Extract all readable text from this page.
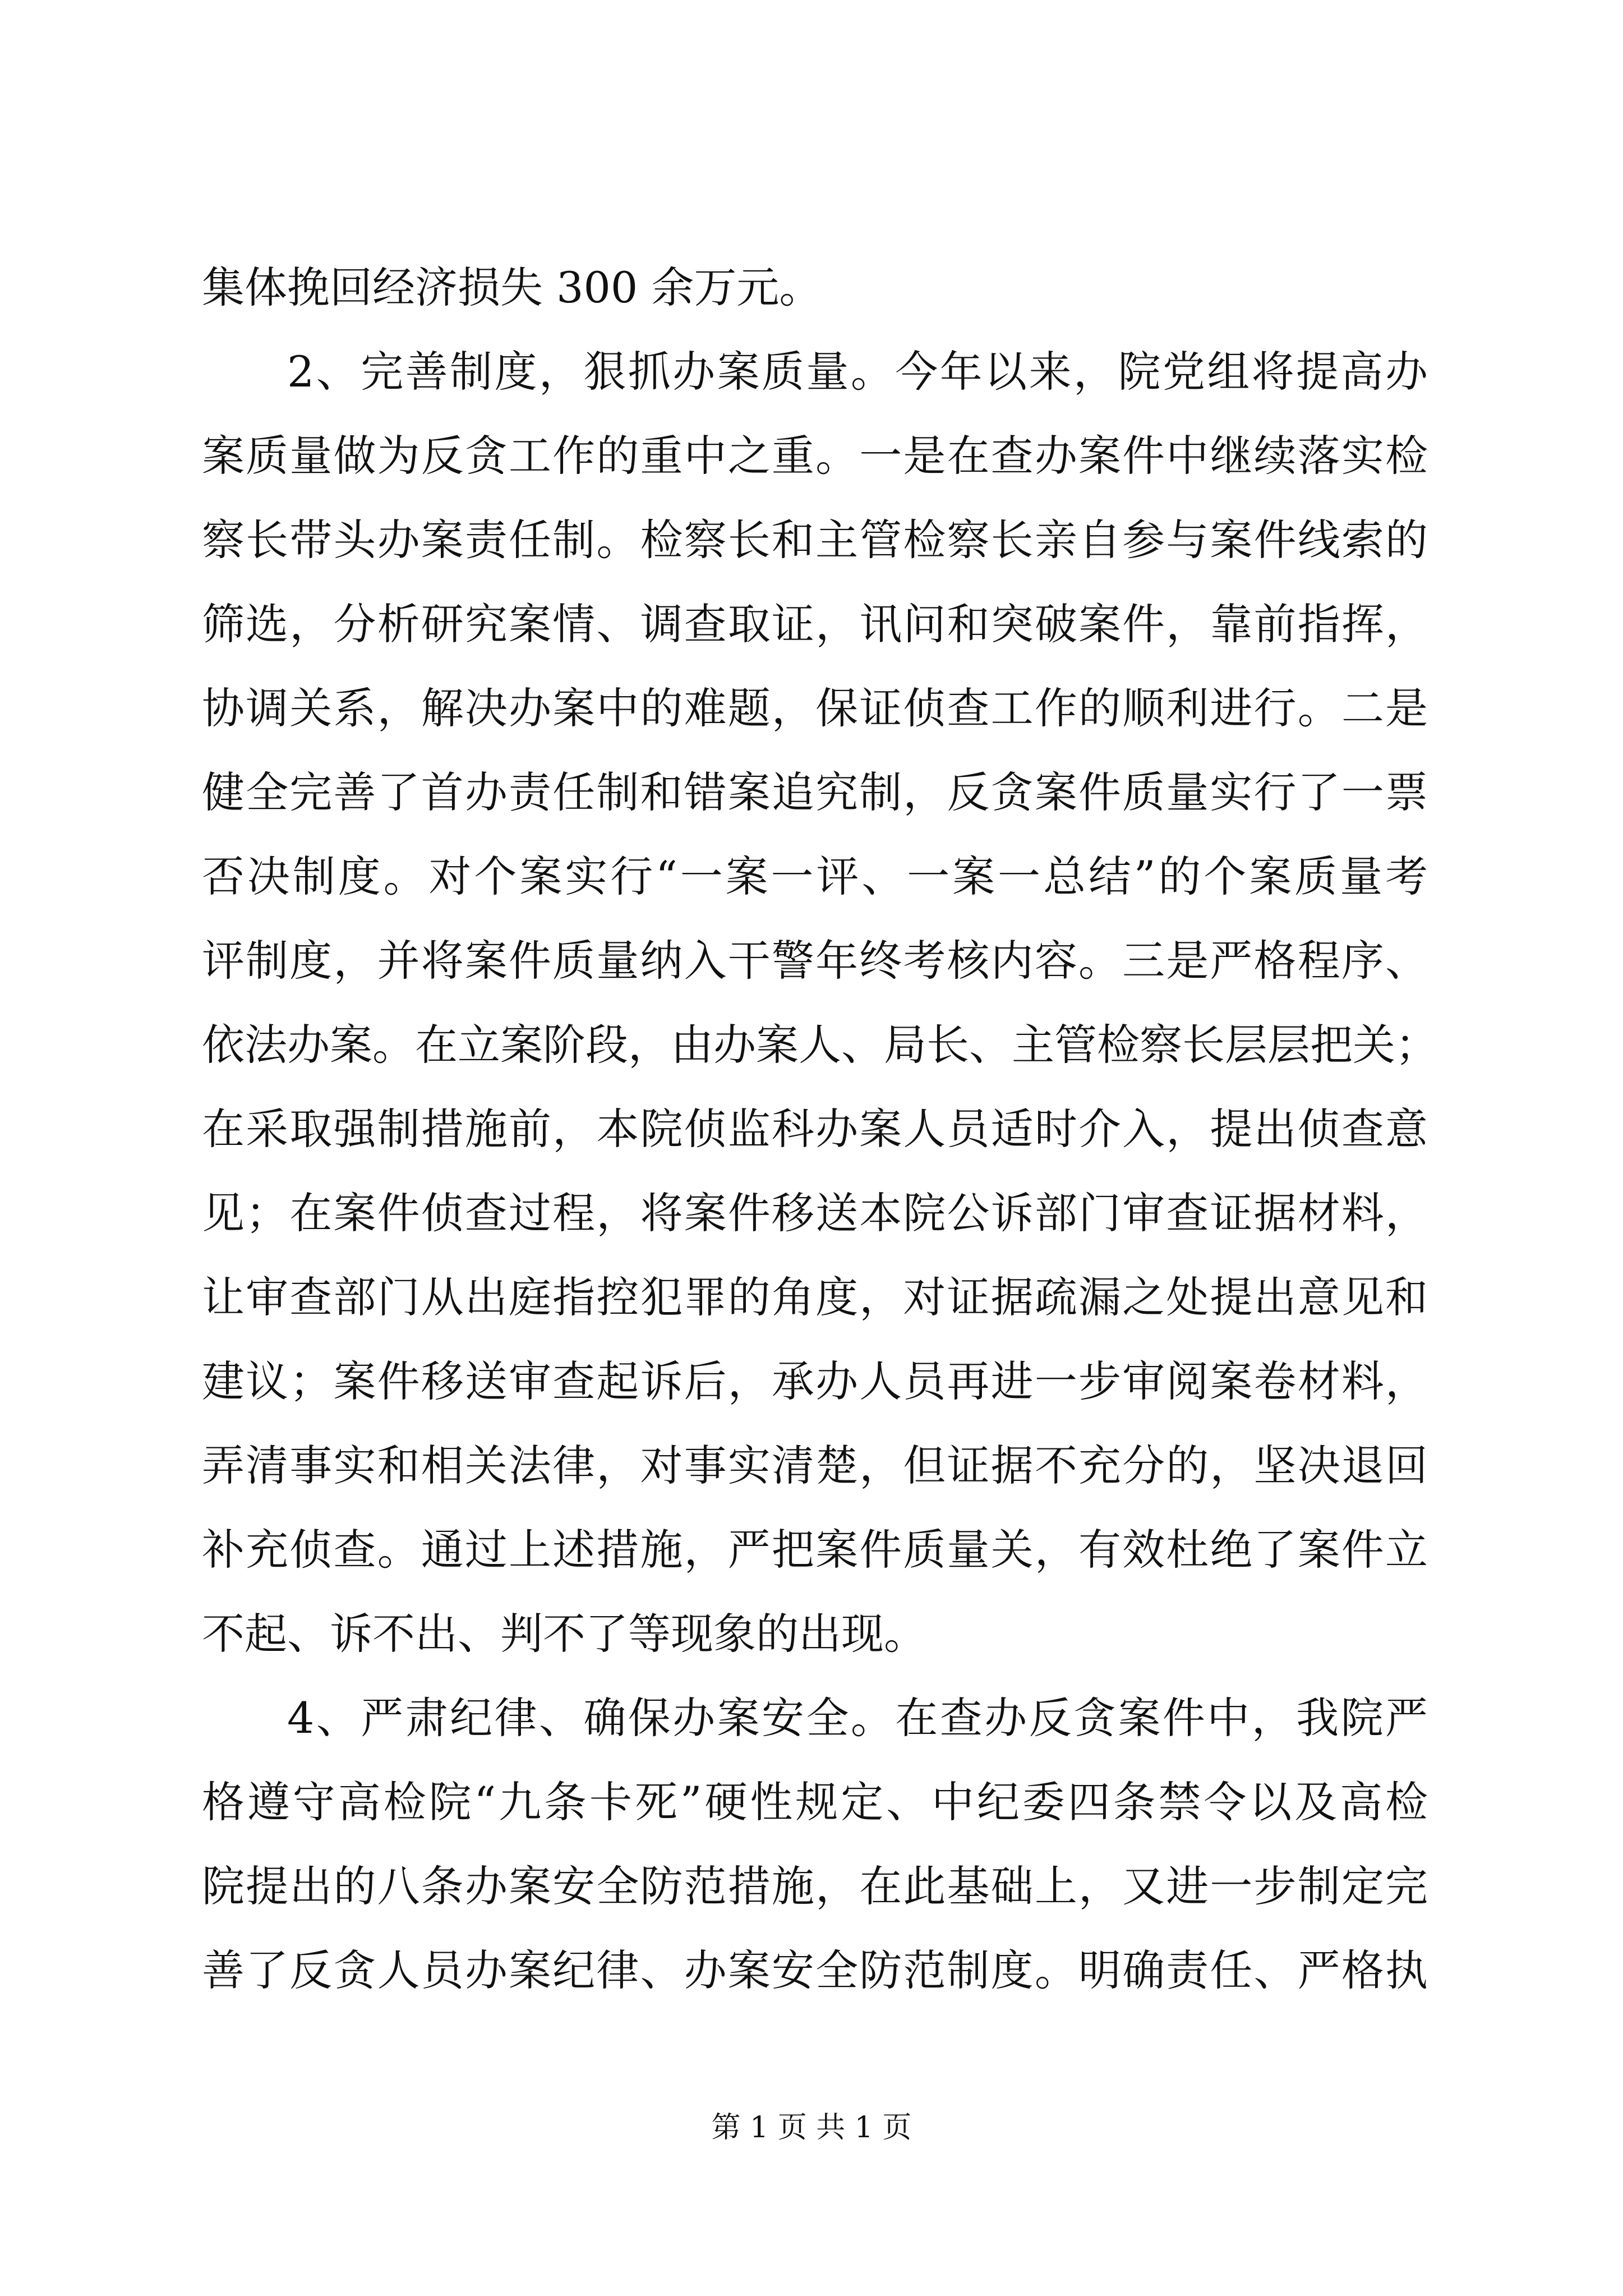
集体挽回经济损失 300 余万元。
2、完善制度，狠抓办案质量。今年以来，院党组将提高办
案质量做为反贪工作的重中之重。一是在查办案件中继续落实检
察长带头办案责任制。检察长和主管检察长亲自参与案件线索的
筛选，分析研究案情、调查取证，讯问和突破案件，靠前指挥，
协调关系，解决办案中的难题，保证侦查工作的顺利进行。二是
健全完善了首办责任制和错案追究制，反贪案件质量实行了一票
否决制度。对个案实行“一案一评、一案一总结”的个案质量考
评制度，并将案件质量纳入干警年终考核内容。三是严格程序、
依法办案。在立案阶段，由办案人、局长、主管检察长层层把关；
在采取强制措施前，本院侦监科办案人员适时介入，提出侦查意
见；在案件侦查过程，将案件移送本院公诉部门审查证据材料，
让审查部门从出庭指控犯罪的角度，对证据疏漏之处提出意见和
建议；案件移送审查起诉后，承办人员再进一步审阅案卷材料，
弄清事实和相关法律，对事实清楚，但证据不充分的，坚决退回
补充侦查。通过上述措施，严把案件质量关，有效杜绝了案件立
不起、诉不出、判不了等现象的出现。
4、严肃纪律、确保办案安全。在查办反贪案件中，我院严
格遵守高检院“九条卡死”硬性规定、中纪委四条禁令以及高检
院提出的八条办案安全防范措施，在此基础上，又进一步制定完
善了反贪人员办案纪律、办案安全防范制度。明确责任、严格执
第 1 页 共 1 页
